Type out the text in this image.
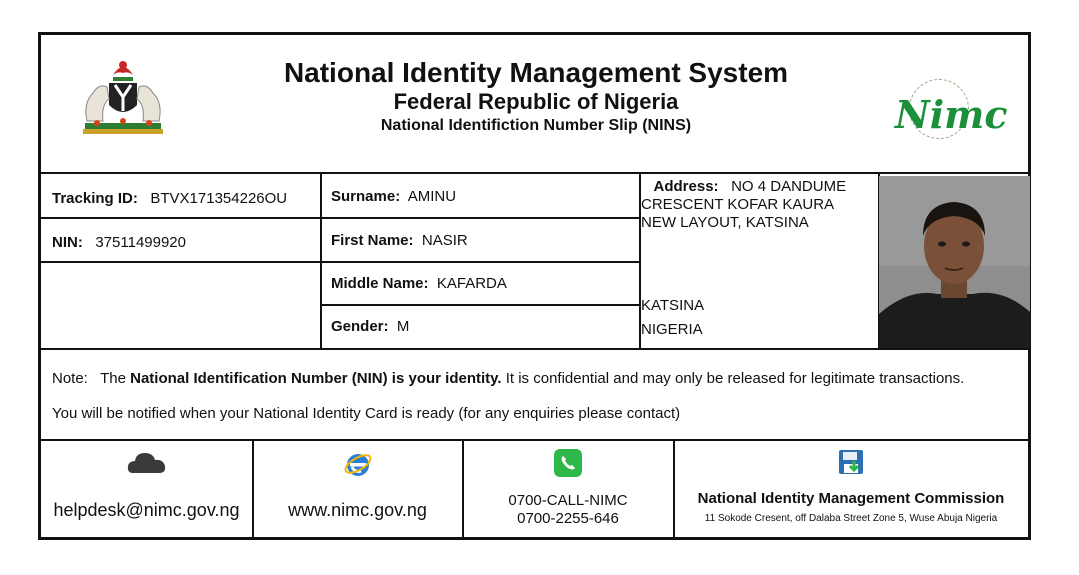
National Identity Management System
Federal Republic of Nigeria
National Identifiction Number Slip (NINS)	Nimc
Tracking ID: BTVX171354226OU
NIN: 37511499920
Surname: AMINU
First Name: NASIR
Middle Name: KAFARDA
Gender: M
Address: NO 4 DANDUME
CRESCENT KOFAR KAURA
NEW LAYOUT, KATSINA
KATSINA
NIGERIA
Note: The National Identification Number (NIN) is your identity. It is confidential and may only be released for legitimate transactions.
You will be notified when your National Identity Card is ready (for any enquiries please contact)
helpdesk@nimc.gov.ng	www.nimc.gov.ng	0700-CALL-NIMC
0700-2255-646
National Identity Management Commission
11 Sokode Cresent, off Dalaba Street Zone 5, Wuse Abuja Nigeria
